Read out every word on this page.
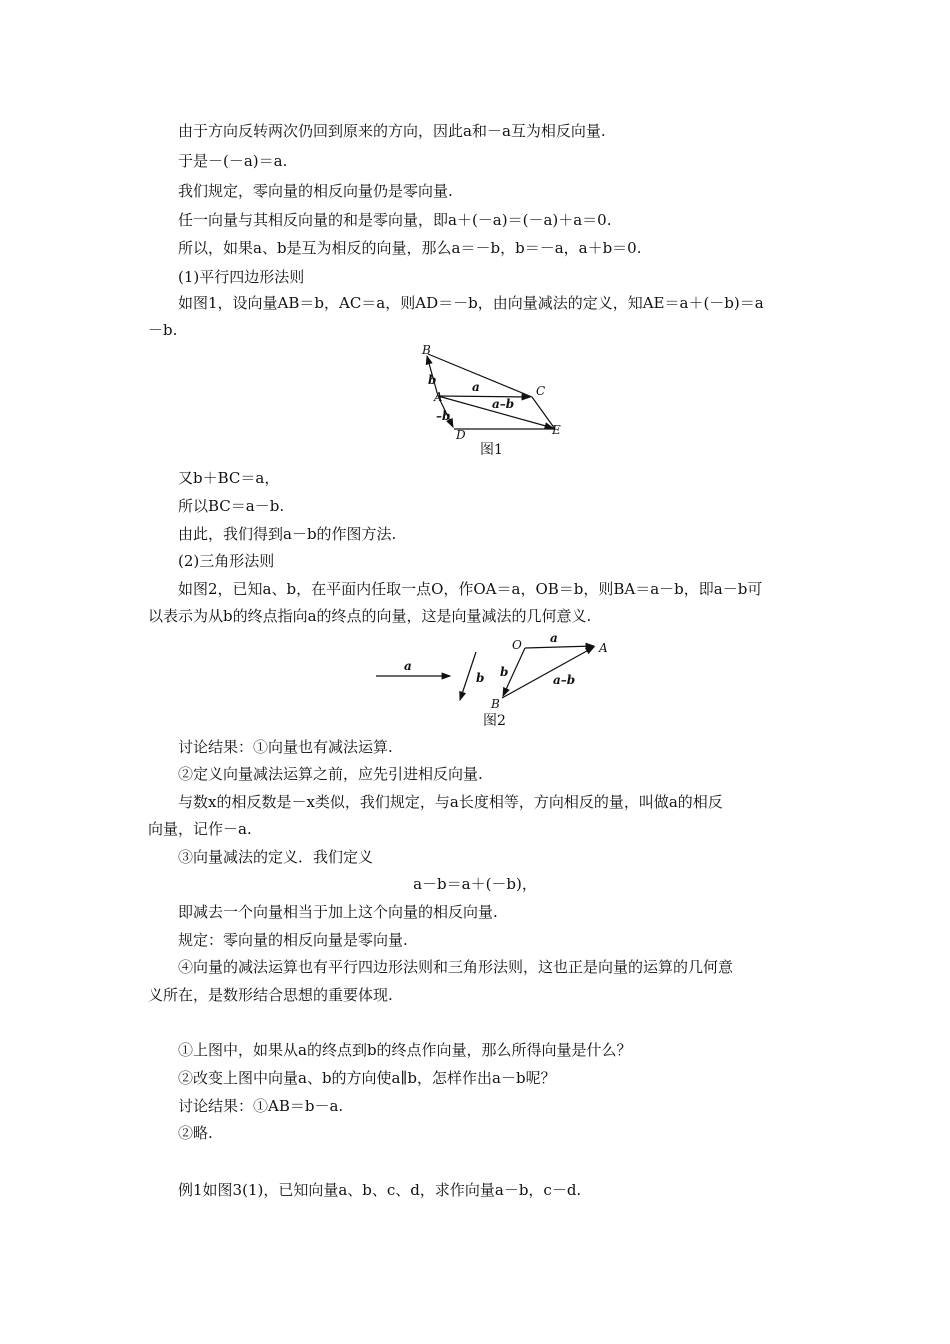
由于方向反转两次仍回到原来的方向，因此a和－a互为相反向量.
于是－(－a)＝a.
我们规定，零向量的相反向量仍是零向量.
任一向量与其相反向量的和是零向量，即a＋(－a)＝(－a)＋a＝0.
所以，如果a、b是互为相反的向量，那么a＝－b，b＝－a，a＋b＝0.
(1)平行四边形法则
如图1，设向量AB＝b，AC＝a，则AD＝－b，由向量减法的定义，知AE＝a＋(－b)＝a
－b.
B
b
A
a	C
a–b
–b
D	E
图1
又b＋BC＝a，
所以BC＝a－b.
由此，我们得到a－b的作图方法.
(2)三角形法则
如图2，已知a、b，在平面内任取一点O，作OA＝a，OB＝b，则BA＝a－b，即a－b可
以表示为从b的终点指向a的终点的向量，这是向量减法的几何意义.
a
b
O a
A
b
a–b
B
图2
讨论结果：①向量也有减法运算.
②定义向量减法运算之前，应先引进相反向量.
与数x的相反数是－x类似，我们规定，与a长度相等，方向相反的量，叫做a的相反
向量，记作－a.
③向量减法的定义．我们定义
a－b＝a＋(－b)，
即减去一个向量相当于加上这个向量的相反向量.
规定：零向量的相反向量是零向量.
④向量的减法运算也有平行四边形法则和三角形法则，这也正是向量的运算的几何意
义所在，是数形结合思想的重要体现.
①上图中，如果从a的终点到b的终点作向量，那么所得向量是什么？
②改变上图中向量a、b的方向使a∥b，怎样作出a－b呢？
讨论结果：①AB＝b－a.
②略.
例1如图3(1)，已知向量a、b、c、d，求作向量a－b，c－d.
